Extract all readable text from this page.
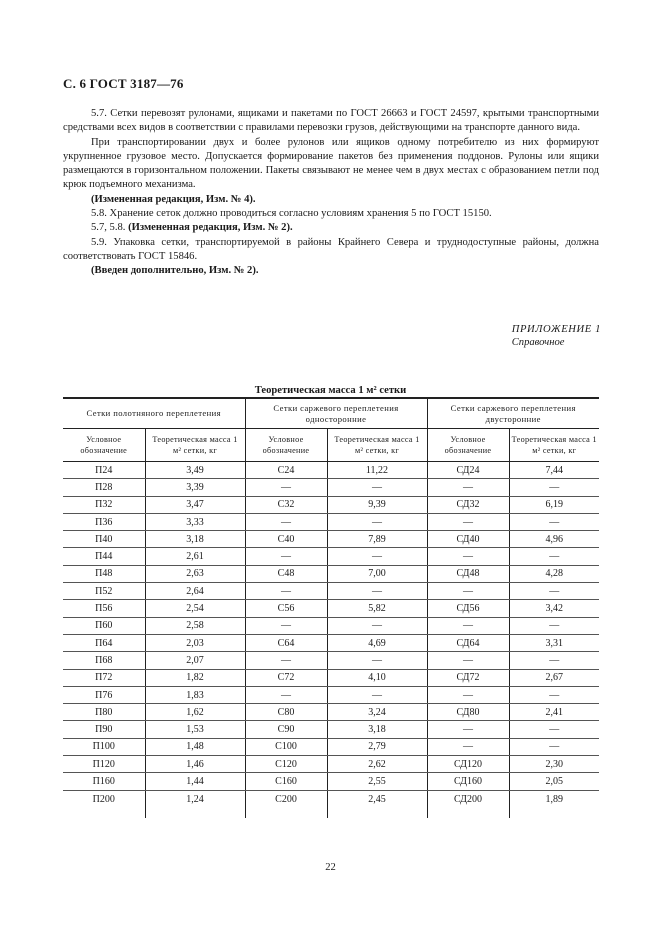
С. 6 ГОСТ 3187—76

5.7. Сетки перевозят рулонами, ящиками и пакетами по ГОСТ 26663 и ГОСТ 24597, крытыми транспортными средствами всех видов в соответствии с правилами перевозки грузов, действующими на транспорте данного вида.

При транспортировании двух и более рулонов или ящиков одному потребителю из них формируют укрупненное грузовое место. Допускается формирование пакетов без применения поддонов. Рулоны или ящики размещаются в горизонтальном положении. Пакеты связывают не менее чем в двух местах с образованием петли под крюк подъемного механизма.

(Измененная редакция, Изм. № 4).

5.8. Хранение сеток должно проводиться согласно условиям хранения 5 по ГОСТ 15150.

5.7, 5.8. (Измененная редакция, Изм. № 2).

5.9. Упаковка сетки, транспортируемой в районы Крайнего Севера и труднодоступные районы, должна соответствовать ГОСТ 15846.

(Введен дополнительно, Изм. № 2).

ПРИЛОЖЕНИЕ 1
Справочное
Теоретическая масса 1 м² сетки
Сетки полотняного переплетения		Сетки саржевого переплетения односторонние		Сетки саржевого переплетения двусторонние	
Условное обозначение	Теоретическая масса 1 м² сетки, кг	Условное обозначение	Теоретическая масса 1 м² сетки, кг	Условное обозначение	Теоретическая масса 1 м² сетки, кг
П24	3,49	С24	11,22	СД24	7,44
П28	3,39	—	—	—	—
П32	3,47	С32	9,39	СД32	6,19
П36	3,33	—	—	—	—
П40	3,18	С40	7,89	СД40	4,96
П44	2,61	—	—	—	—
П48	2,63	С48	7,00	СД48	4,28
П52	2,64	—	—	—	—
П56	2,54	С56	5,82	СД56	3,42
П60	2,58	—	—	—	—
П64	2,03	С64	4,69	СД64	3,31
П68	2,07	—	—	—	—
П72	1,82	С72	4,10	СД72	2,67
П76	1,83	—	—	—	—
П80	1,62	С80	3,24	СД80	2,41
П90	1,53	С90	3,18	—	—
П100	1,48	С100	2,79	—	—
П120	1,46	С120	2,62	СД120	2,30
П160	1,44	С160	2,55	СД160	2,05
П200	1,24	С200	2,45	СД200	1,89
22
